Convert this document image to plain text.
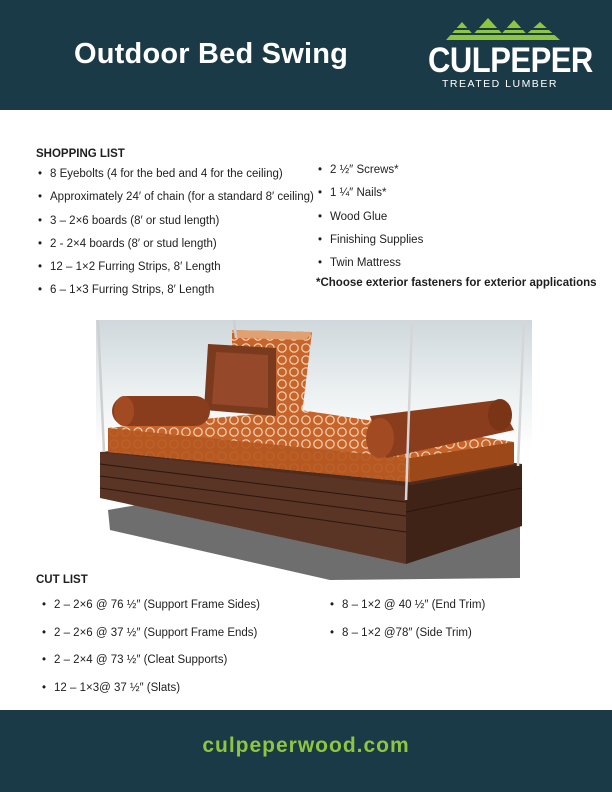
Outdoor Bed Swing	CULPEPER
TREATED LUMBER
SHOPPING LIST
• 8 Eyebolts (4 for the bed and 4 for the ceiling)
• Approximately 24′ of chain (for a standard 8′ ceiling)
• 3 – 2×6 boards (8′ or stud length)
• 2 - 2×4 boards (8′ or stud length)
• 12 – 1×2 Furring Strips, 8′ Length
• 6 – 1×3 Furring Strips, 8′ Length
• 2 ½″ Screws*
• 1 ¼″ Nails*
• Wood Glue
• Finishing Supplies
• Twin Mattress
*Choose exterior fasteners for exterior applications
CUT LIST
• 2 – 2×6 @ 76 ½″ (Support Frame Sides)
• 2 – 2×6 @ 37 ½″ (Support Frame Ends)
• 2 – 2×4 @ 73 ½″ (Cleat Supports)
• 12 – 1×3@ 37 ½″ (Slats)
• 8 – 1×2 @ 40 ½″ (End Trim)
• 8 – 1×2 @78″ (Side Trim)
culpeperwood.com
